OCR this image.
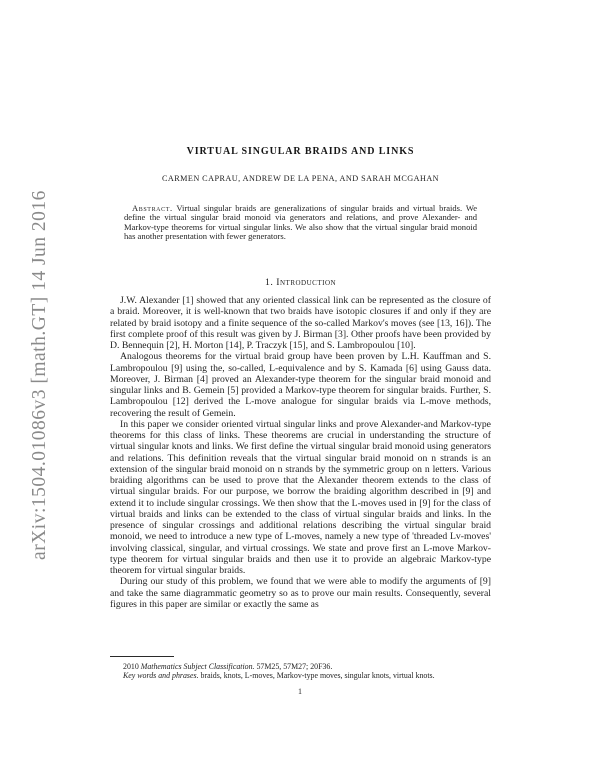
arXiv:1504.01086v3 [math.GT] 14 Jun 2016
VIRTUAL SINGULAR BRAIDS AND LINKS
CARMEN CAPRAU, ANDREW DE LA PENA, AND SARAH MCGAHAN
Abstract. Virtual singular braids are generalizations of singular braids and virtual braids. We define the virtual singular braid monoid via generators and relations, and prove Alexander- and Markov-type theorems for virtual singular links. We also show that the virtual singular braid monoid has another presentation with fewer generators.
1. Introduction

J.W. Alexander [1] showed that any oriented classical link can be represented as the closure of a braid. Moreover, it is well-known that two braids have isotopic closures if and only if they are related by braid isotopy and a finite sequence of the so-called Markov's moves (see [13, 16]). The first complete proof of this result was given by J. Birman [3]. Other proofs have been provided by D. Bennequin [2], H. Morton [14], P. Traczyk [15], and S. Lambropoulou [10].

Analogous theorems for the virtual braid group have been proven by L.H. Kauffman and S. Lambropoulou [9] using the, so-called, L-equivalence and by S. Kamada [6] using Gauss data. Moreover, J. Birman [4] proved an Alexander-type theorem for the singular braid monoid and singular links and B. Gemein [5] provided a Markov-type theorem for singular braids. Further, S. Lambropoulou [12] derived the L-move analogue for singular braids via L-move methods, recovering the result of Gemein.

In this paper we consider oriented virtual singular links and prove Alexander-and Markov-type theorems for this class of links. These theorems are crucial in understanding the structure of virtual singular knots and links. We first define the virtual singular braid monoid using generators and relations. This definition reveals that the virtual singular braid monoid on n strands is an extension of the singular braid monoid on n strands by the symmetric group on n letters. Various braiding algorithms can be used to prove that the Alexander theorem extends to the class of virtual singular braids. For our purpose, we borrow the braiding algorithm described in [9] and extend it to include singular crossings. We then show that the L-moves used in [9] for the class of virtual braids and links can be extended to the class of virtual singular braids and links. In the presence of singular crossings and additional relations describing the virtual singular braid monoid, we need to introduce a new type of L-moves, namely a new type of 'threaded Lv-moves' involving classical, singular, and virtual crossings. We state and prove first an L-move Markov-type theorem for virtual singular braids and then use it to provide an algebraic Markov-type theorem for virtual singular braids.

During our study of this problem, we found that we were able to modify the arguments of [9] and take the same diagrammatic geometry so as to prove our main results. Consequently, several figures in this paper are similar or exactly the same as

2010 Mathematics Subject Classification. 57M25, 57M27; 20F36.

Key words and phrases. braids, knots, L-moves, Markov-type moves, singular knots, virtual knots.

1
